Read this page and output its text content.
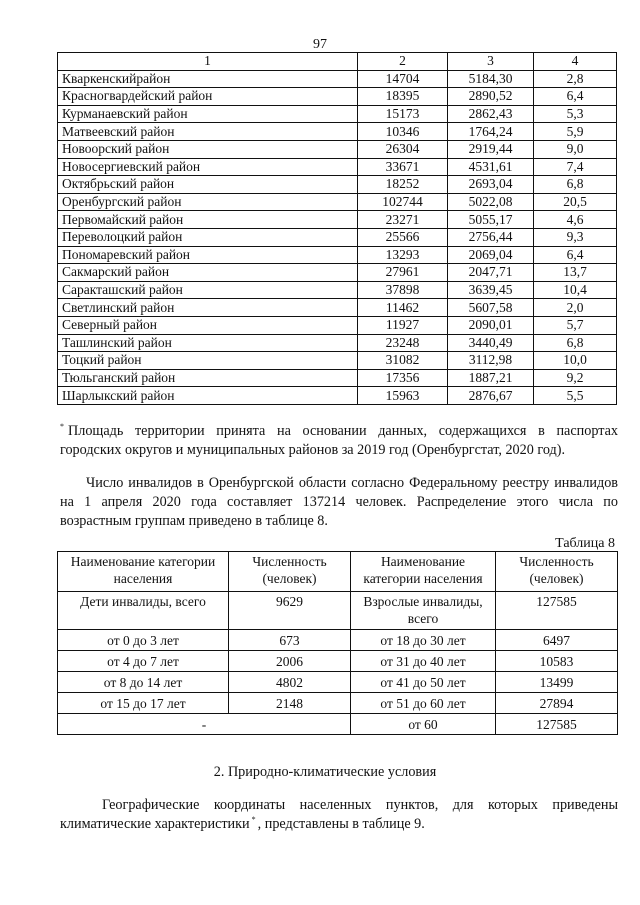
97
1	2	3	4
Кваркенскийрайон	14704	5184,30	2,8
Красногвардейский район	18395	2890,52	6,4
Курманаевский район	15173	2862,43	5,3
Матвеевский район	10346	1764,24	5,9
Новоорский район	26304	2919,44	9,0
Новосергиевский район	33671	4531,61	7,4
Октябрьский район	18252	2693,04	6,8
Оренбургский район	102744	5022,08	20,5
Первомайский район	23271	5055,17	4,6
Переволоцкий район	25566	2756,44	9,3
Пономаревский район	13293	2069,04	6,4
Сакмарский район	27961	2047,71	13,7
Саракташский район	37898	3639,45	10,4
Светлинский район	11462	5607,58	2,0
Северный район	11927	2090,01	5,7
Ташлинский район	23248	3440,49	6,8
Тоцкий район	31082	3112,98	10,0
Тюльганский район	17356	1887,21	9,2
Шарлыкский район	15963	2876,67	5,5
* Площадь территории принята на основании данных, содержащихся в паспортах городских округов и муниципальных районов за 2019 год (Оренбургстат, 2020 год).
Число инвалидов в Оренбургской области согласно Федеральному реестру инвалидов на 1 апреля 2020 года составляет 137214 человек. Распределение этого числа по возрастным группам приведено в таблице 8.
Таблица 8
Наименование категории населения	Численность (человек)	Наименование категории населения	Численность (человек)
Дети инвалиды, всего	9629	Взрослые инвалиды, всего	127585
от 0 до 3 лет	673	от 18 до 30 лет	6497
от 4 до 7 лет	2006	от 31 до 40 лет	10583
от 8 до 14 лет	4802	от 41 до 50 лет	13499
от 15 до 17 лет	2148	от 51 до 60 лет	27894
-		от 60	127585
2. Природно-климатические условия
Географические координаты населенных пунктов, для которых приведены климатические характеристики * , представлены в таблице 9.
